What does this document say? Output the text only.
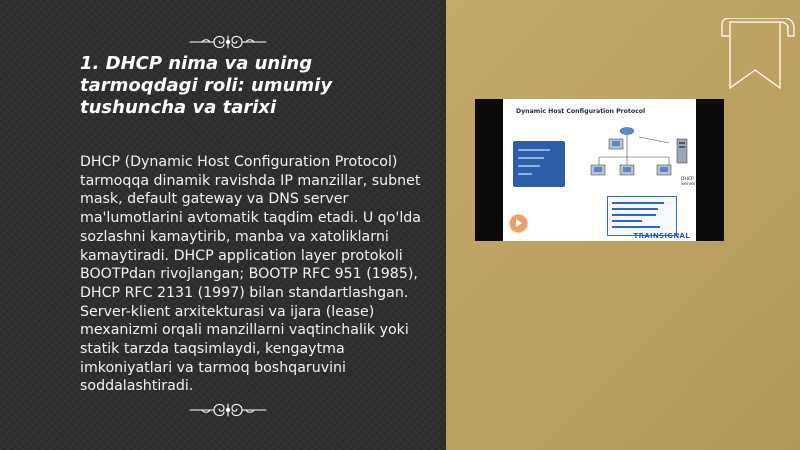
1. DHCP nima va uning tarmoqdagi roli: umumiy tushuncha va tarixi
DHCP (Dynamic Host Configuration Protocol) tarmoqqa dinamik ravishda IP manzillar, subnet mask, default gateway va DNS server ma'lumotlarini avtomatik taqdim etadi. U qo'lda sozlashni kamaytirib, manba va xatoliklarni kamaytiradi. DHCP application layer protokoli BOOTPdan rivojlangan; BOOTP RFC 951 (1985), DHCP RFC 2131 (1997) bilan standartlashgan. Server-klient arxitekturasi va ijara (lease) mexanizmi orqali manzillarni vaqtinchalik yoki statik tarzda taqsimlaydi, kengaytma imkoniyatlari va tarmoq boshqaruvini soddalashtiradi.
Dynamic Host Configuration Protocol
DHCP Server
TRAINSIGNAL
